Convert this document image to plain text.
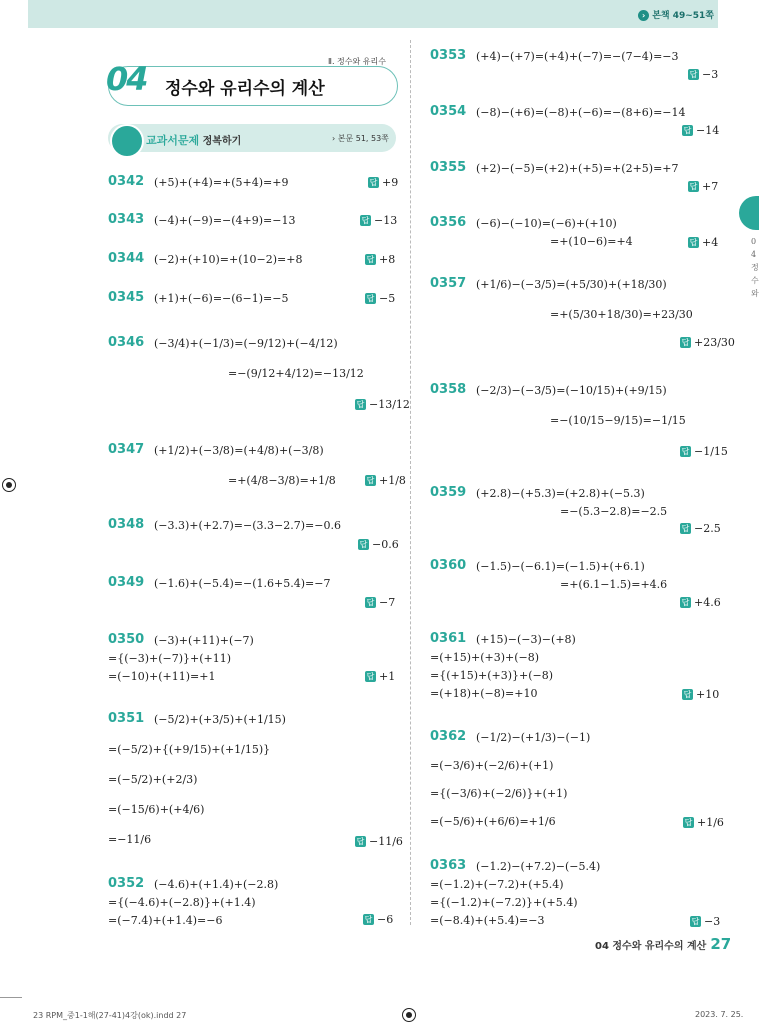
› 본책 49~51쪽
0 4 정 수 와
Ⅱ. 정수와 유리수
04 정수와 유리수의 계산
교과서문제 정복하기	› 본문 51, 53쪽
0342 (+5)+(+4)=+(5+4)=+9	답 +9
0343 (−4)+(−9)=−(4+9)=−13	답 −13
0344 (−2)+(+10)=+(10−2)=+8	답 +8
0345 (+1)+(−6)=−(6−1)=−5	답 −5
0346 (−3/4)+(−1/3)=(−9/12)+(−4/12)
=−(9/12+4/12)=−13/12
답 −13/12
0347 (+1/2)+(−3/8)=(+4/8)+(−3/8)
=+(4/8−3/8)=+1/8	답 +1/8
0348 (−3.3)+(+2.7)=−(3.3−2.7)=−0.6
답 −0.6
0349 (−1.6)+(−5.4)=−(1.6+5.4)=−7
답 −7
0350 (−3)+(+11)+(−7)
={(−3)+(−7)}+(+11)
=(−10)+(+11)=+1	답 +1
0351 (−5/2)+(+3/5)+(+1/15)
=(−5/2)+{(+9/15)+(+1/15)}
=(−5/2)+(+2/3)
=(−15/6)+(+4/6)
=−11/6	답 −11/6
0352 (−4.6)+(+1.4)+(−2.8)
={(−4.6)+(−2.8)}+(+1.4)
=(−7.4)+(+1.4)=−6	답 −6
0353 (+4)−(+7)=(+4)+(−7)=−(7−4)=−3
답 −3
0354 (−8)−(+6)=(−8)+(−6)=−(8+6)=−14
답 −14
0355 (+2)−(−5)=(+2)+(+5)=+(2+5)=+7
답 +7
0356 (−6)−(−10)=(−6)+(+10)
=+(10−6)=+4	답 +4
0357 (+1/6)−(−3/5)=(+5/30)+(+18/30)
=+(5/30+18/30)=+23/30
답 +23/30
0358 (−2/3)−(−3/5)=(−10/15)+(+9/15)
=−(10/15−9/15)=−1/15
답 −1/15
0359 (+2.8)−(+5.3)=(+2.8)+(−5.3)
=−(5.3−2.8)=−2.5
답 −2.5
0360 (−1.5)−(−6.1)=(−1.5)+(+6.1)
=+(6.1−1.5)=+4.6
답 +4.6
0361 (+15)−(−3)−(+8)
=(+15)+(+3)+(−8)
={(+15)+(+3)}+(−8)
=(+18)+(−8)=+10	답 +10
0362 (−1/2)−(+1/3)−(−1)
=(−3/6)+(−2/6)+(+1)
={(−3/6)+(−2/6)}+(+1)
=(−5/6)+(+6/6)=+1/6	답 +1/6
0363 (−1.2)−(+7.2)−(−5.4)
=(−1.2)+(−7.2)+(+5.4)
={(−1.2)+(−7.2)}+(+5.4)
=(−8.4)+(+5.4)=−3	답 −3
04 정수와 유리수의 계산 27
23 RPM_중1-1해(27-41)4강(ok).indd 27	2023. 7. 25.
